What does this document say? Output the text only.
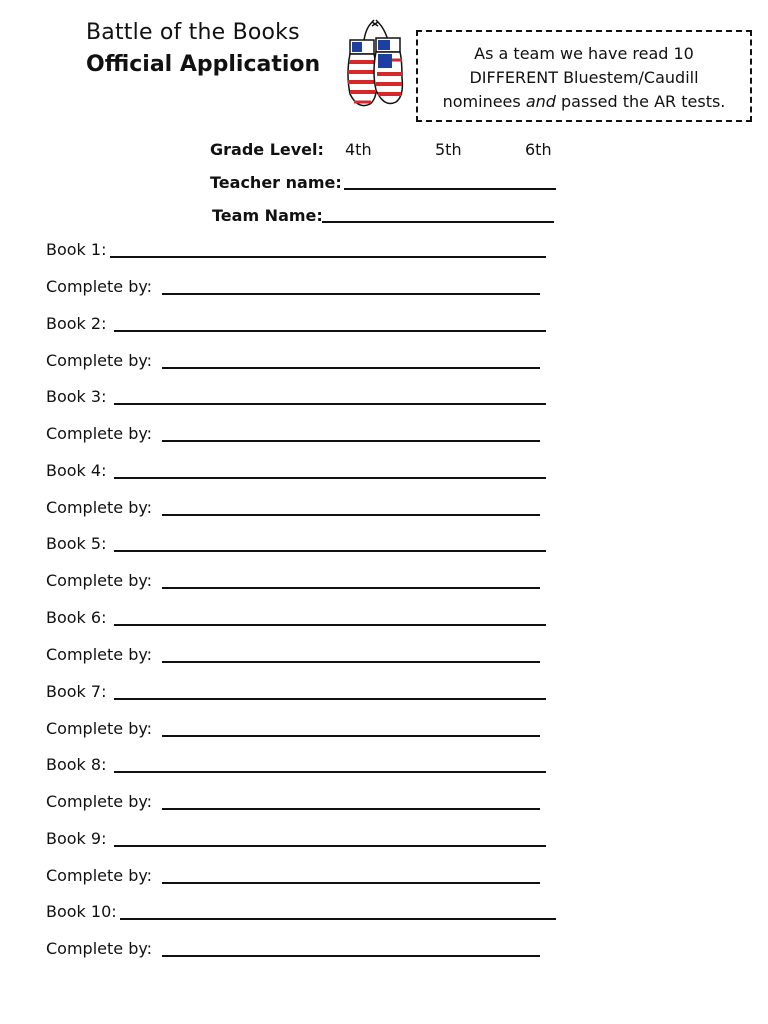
Battle of the Books
Official Application	As a team we have read 10
DIFFERENT Bluestem/Caudill
nominees and passed the AR tests.
Grade Level: 4th	5th	6th
Teacher name:
Team Name:
Book 1:
Complete by:
Book 2:
Complete by:
Book 3:
Complete by:
Book 4:
Complete by:
Book 5:
Complete by:
Book 6:
Complete by:
Book 7:
Complete by:
Book 8:
Complete by:
Book 9:
Complete by:
Book 10:
Complete by:
